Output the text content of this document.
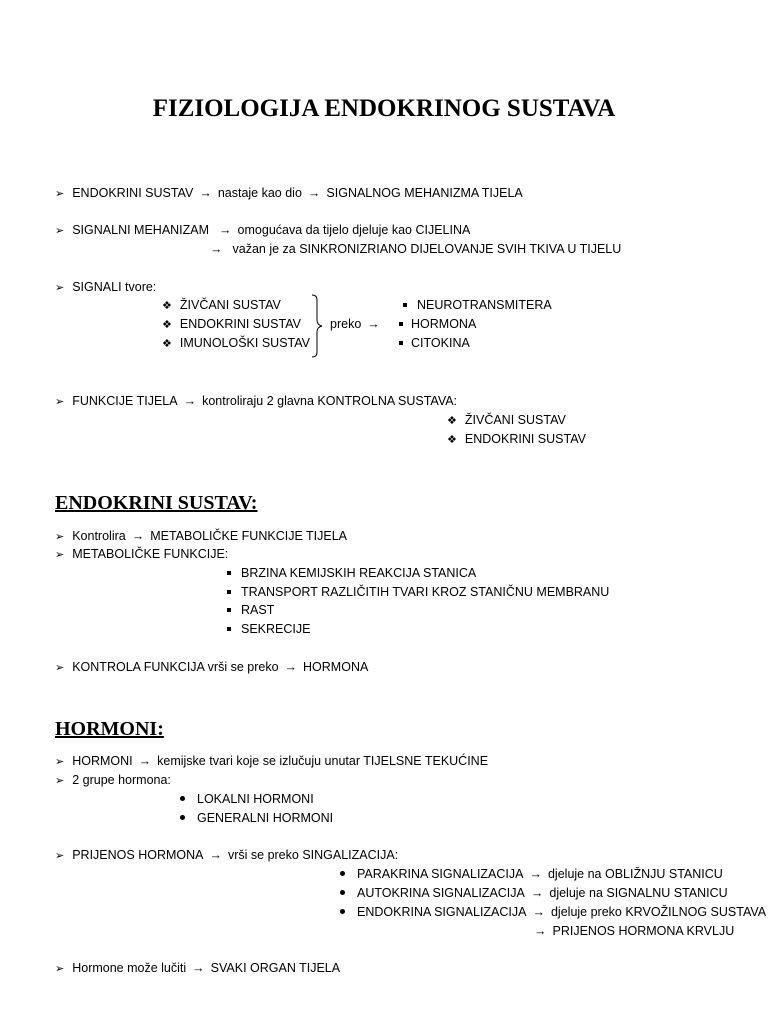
FIZIOLOGIJA ENDOKRINOG SUSTAVA
➢ ENDOKRINI SUSTAV → nastaje kao dio → SIGNALNOG MEHANIZMA TIJELA
➢ SIGNALNI MEHANIZAM → omogućava da tijelo djeluje kao CIJELINA
→ važan je za SINKRONIZRIANO DIJELOVANJE SVIH TKIVA U TIJELU
➢ SIGNALI tvore:
❖ ŽIVČANI SUSTAV
❖ ENDOKRINI SUSTAV
❖ IMUNOLOŠKI SUSTAV
preko →
NEUROTRANSMITERA
HORMONA
CITOKINA
➢ FUNKCIJE TIJELA → kontroliraju 2 glavna KONTROLNA SUSTAVA:
❖ ŽIVČANI SUSTAV
❖ ENDOKRINI SUSTAV
ENDOKRINI SUSTAV:
➢ Kontrolira → METABOLIČKE FUNKCIJE TIJELA
➢ METABOLIČKE FUNKCIJE:
BRZINA KEMIJSKIH REAKCIJA STANICA
TRANSPORT RAZLIČITIH TVARI KROZ STANIČNU MEMBRANU
RAST
SEKRECIJE
➢ KONTROLA FUNKCIJA vrši se preko → HORMONA
HORMONI:
➢ HORMONI → kemijske tvari koje se izlučuju unutar TIJELSNE TEKUĆINE
➢ 2 grupe hormona:
LOKALNI HORMONI
GENERALNI HORMONI
➢ PRIJENOS HORMONA → vrši se preko SINGALIZACIJA:
PARAKRINA SIGNALIZACIJA → djeluje na OBLIŽNJU STANICU
AUTOKRINA SIGNALIZACIJA → djeluje na SIGNALNU STANICU
ENDOKRINA SIGNALIZACIJA → djeluje preko KRVOŽILNOG SUSTAVA
→ PRIJENOS HORMONA KRVLJU
➢ Hormone može lučiti → SVAKI ORGAN TIJELA
